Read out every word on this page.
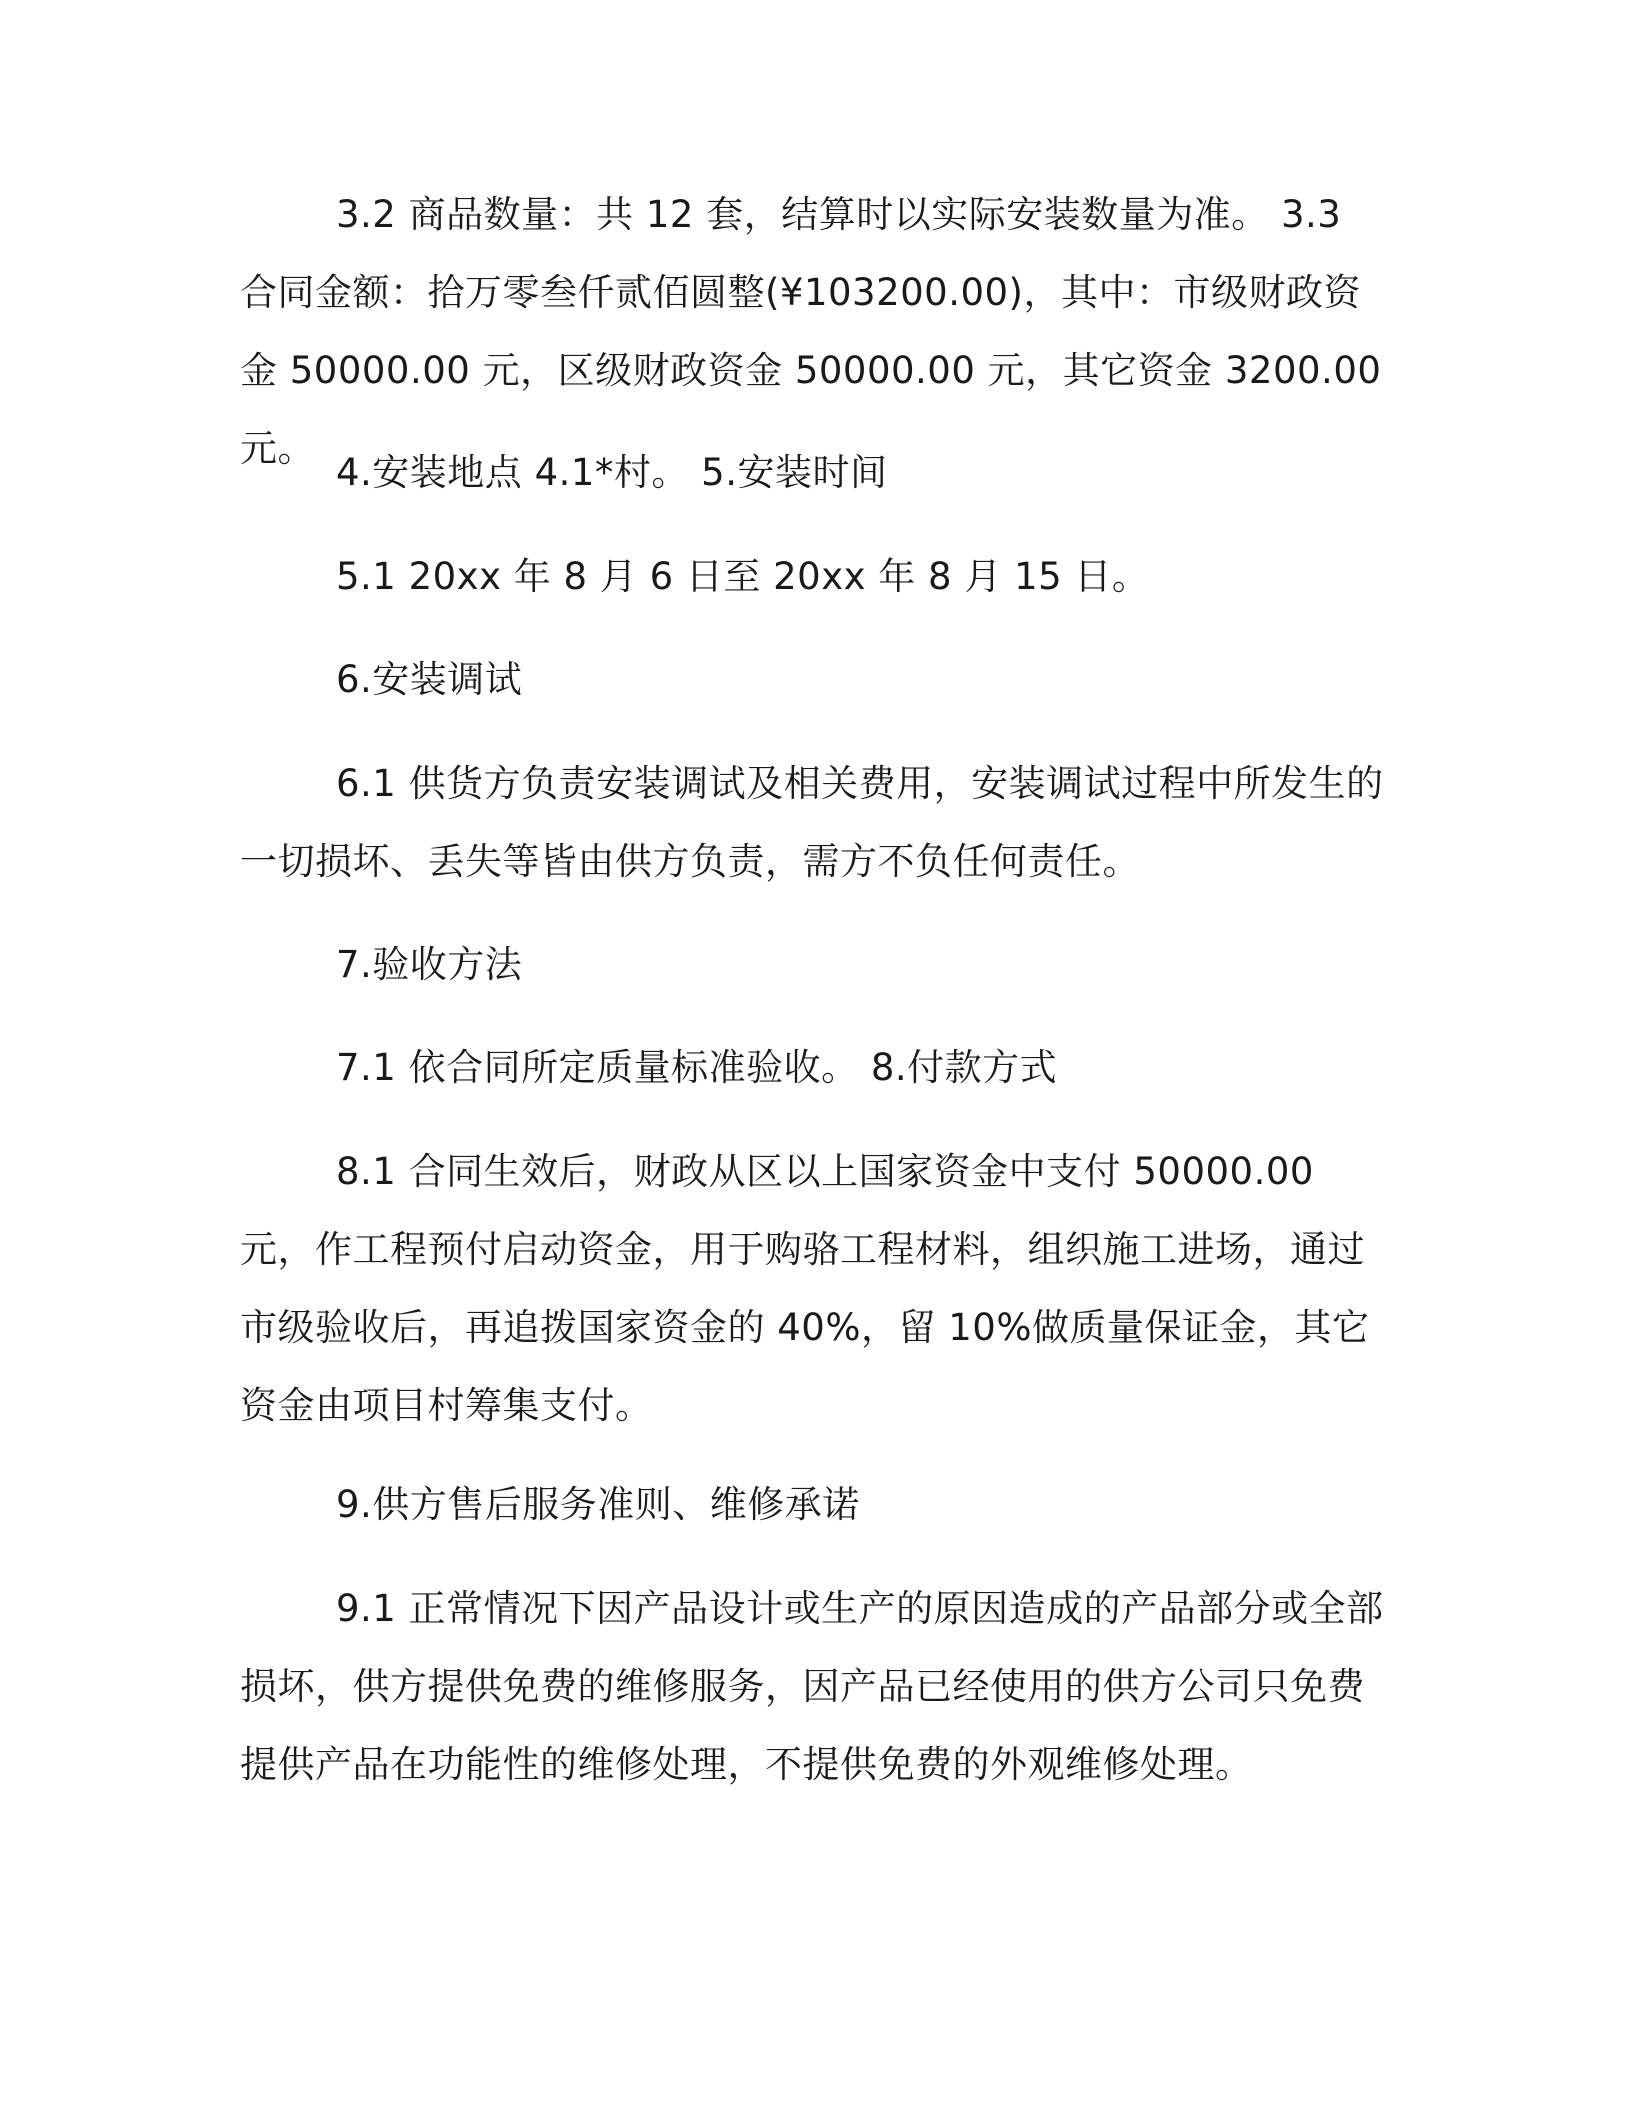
3.2 商品数量：共 12 套，结算时以实际安装数量为准。 3.3 合同金额：拾万零叁仟贰佰圆整(¥103200.00)，其中：市级财政资金 50000.00 元，区级财政资金 50000.00 元，其它资金 3200.00 元。

4.安装地点 4.1*村。 5.安装时间

5.1 20xx 年 8 月 6 日至 20xx 年 8 月 15 日。

6.安装调试

6.1 供货方负责安装调试及相关费用，安装调试过程中所发生的一切损坏、丢失等皆由供方负责，需方不负任何责任。

7.验收方法

7.1 依合同所定质量标准验收。 8.付款方式

8.1 合同生效后，财政从区以上国家资金中支付 50000.00 元，作工程预付启动资金，用于购骆工程材料，组织施工进场，通过市级验收后，再追拨国家资金的 40%，留 10%做质量保证金，其它资金由项目村筹集支付。

9.供方售后服务准则、维修承诺

9.1 正常情况下因产品设计或生产的原因造成的产品部分或全部损坏，供方提供免费的维修服务，因产品已经使用的供方公司只免费提供产品在功能性的维修处理，不提供免费的外观维修处理。
